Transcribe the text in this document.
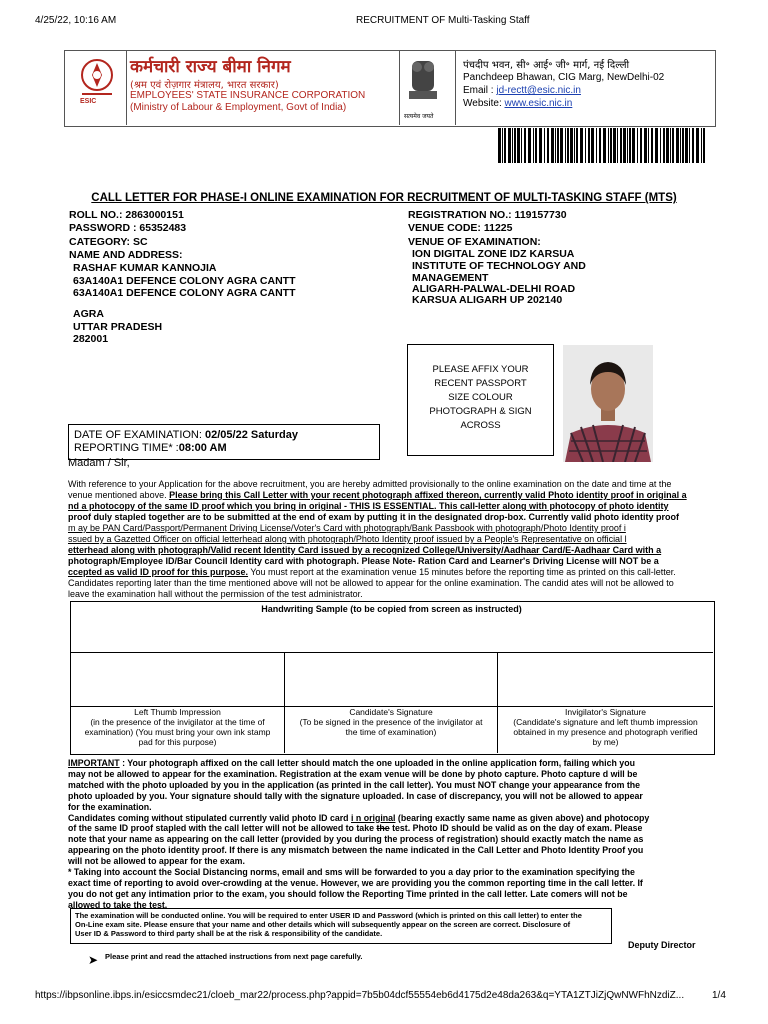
4/25/22, 10:16 AM	RECRUITMENT OF Multi-Tasking Staff
ESIC
कर्मचारी राज्य बीमा निगम
(श्रम एवं रोज़गार मंत्रालय, भारत सरकार)
EMPLOYEES' STATE INSURANCE CORPORATION
(Ministry of Labour & Employment, Govt of India)
सत्यमेव जयते
पंचदीप भवन, सी॰ आई॰ जी॰ मार्ग, नई दिल्ली
Panchdeep Bhawan, CIG Marg, NewDelhi-02
Email : jd-rectt@esic.nic.in
Website: www.esic.nic.in
CALL LETTER FOR PHASE-I ONLINE EXAMINATION FOR RECRUITMENT OF MULTI-TASKING STAFF (MTS)
ROLL NO.: 2863000151
PASSWORD : 65352483
CATEGORY: SC
NAME AND ADDRESS:
RASHAF KUMAR KANNOJIA
63A140A1 DEFENCE COLONY AGRA CANTT
63A140A1 DEFENCE COLONY AGRA CANTT
AGRA
UTTAR PRADESH
282001
REGISTRATION NO.: 119157730
VENUE CODE: 11225
VENUE OF EXAMINATION:
ION DIGITAL ZONE IDZ KARSUA
INSTITUTE OF TECHNOLOGY AND
MANAGEMENT
ALIGARH-PALWAL-DELHI ROAD
KARSUA ALIGARH UP 202140
PLEASE AFFIX YOUR
RECENT PASSPORT
SIZE COLOUR
PHOTOGRAPH & SIGN
ACROSS
DATE OF EXAMINATION: 02/05/22 Saturday
REPORTING TIME* :08:00 AM
Madam / Sir,
With reference to your Application for the above recruitment, you are hereby admitted provisionally to the online examination on the date and time at the
venue mentioned above. Please bring this Call Letter with your recent photograph affixed thereon, currently valid Photo identity proof in original a
nd a photocopy of the same ID proof which you bring in original - THIS IS ESSENTIAL. This call-letter along with photocopy of photo identity
proof duly stapled together are to be submitted at the end of exam by putting it in the designated drop-box. Currently valid photo identity proof
m ay be PAN Card/Passport/Permanent Driving License/Voter's Card with photograph/Bank Passbook with photograph/Photo Identity proof i
ssued by a Gazetted Officer on official letterhead along with photograph/Photo Identity proof issued by a People's Representative on official l
etterhead along with photograph/Valid recent Identity Card issued by a recognized College/University/Aadhaar Card/E-Aadhaar Card with a
photograph/Employee ID/Bar Council Identity card with photograph. Please Note- Ration Card and Learner's Driving License will NOT be a
ccepted as valid ID proof for this purpose. You must report at the examination venue 15 minutes before the reporting time as printed on this call-letter.
Candidates reporting later than the time mentioned above will not be allowed to appear for the online examination. The candid ates will not be allowed to
leave the examination hall without the permission of the test administrator.
Handwriting Sample (to be copied from screen as instructed)
Left Thumb Impression
(in the presence of the invigilator at the time of
examination) (You must bring your own ink stamp
pad for this purpose)
Candidate's Signature
(To be signed in the presence of the invigilator at
the time of examination)
Invigilator's Signature
(Candidate's signature and left thumb impression
obtained in my presence and photograph verified
by me)
IMPORTANT : Your photograph affixed on the call letter should match the one uploaded in the online application form, failing which you
may not be allowed to appear for the examination. Registration at the exam venue will be done by photo capture. Photo capture d will be
matched with the photo uploaded by you in the application (as printed in the call letter). You must NOT change your appearance from the
photo uploaded by you. Your signature should tally with the signature uploaded. In case of discrepancy, you will not be allowed to appear
for the examination.
Candidates coming without stipulated currently valid photo ID card i n original (bearing exactly same name as given above) and photocopy
of the same ID proof stapled with the call letter will not be allowed to take the test. Photo ID should be valid as on the day of exam. Please
note that your name as appearing on the call letter (provided by you during the process of registration) should exactly match the name as
appearing on the photo identity proof. If there is any mismatch between the name indicated in the Call Letter and Photo Identity Proof you
will not be allowed to appear for the exam.
* Taking into account the Social Distancing norms, email and sms will be forwarded to you a day prior to the examination specifying the
exact time of reporting to avoid over-crowding at the venue. However, we are providing you the common reporting time in the call letter. If
you do not get any intimation prior to the exam, you should follow the Reporting Time printed in the call letter. Late comers will not be
allowed to take the test.
The examination will be conducted online. You will be required to enter USER ID and Password (which is printed on this call letter) to enter the
On-Line exam site. Please ensure that your name and other details which will subsequently appear on the screen are correct. Disclosure of
User ID & Password to third party shall be at the risk & responsibility of the candidate.
Deputy Director
➤ Please print and read the attached instructions from next page carefully.
https://ibpsonline.ibps.in/esiccsmdec21/cloeb_mar22/process.php?appid=7b5b04dcf55554eb6d4175d2e48da263&q=YTA1ZTJiZjQwNWFhNzdiZ...	1/4
